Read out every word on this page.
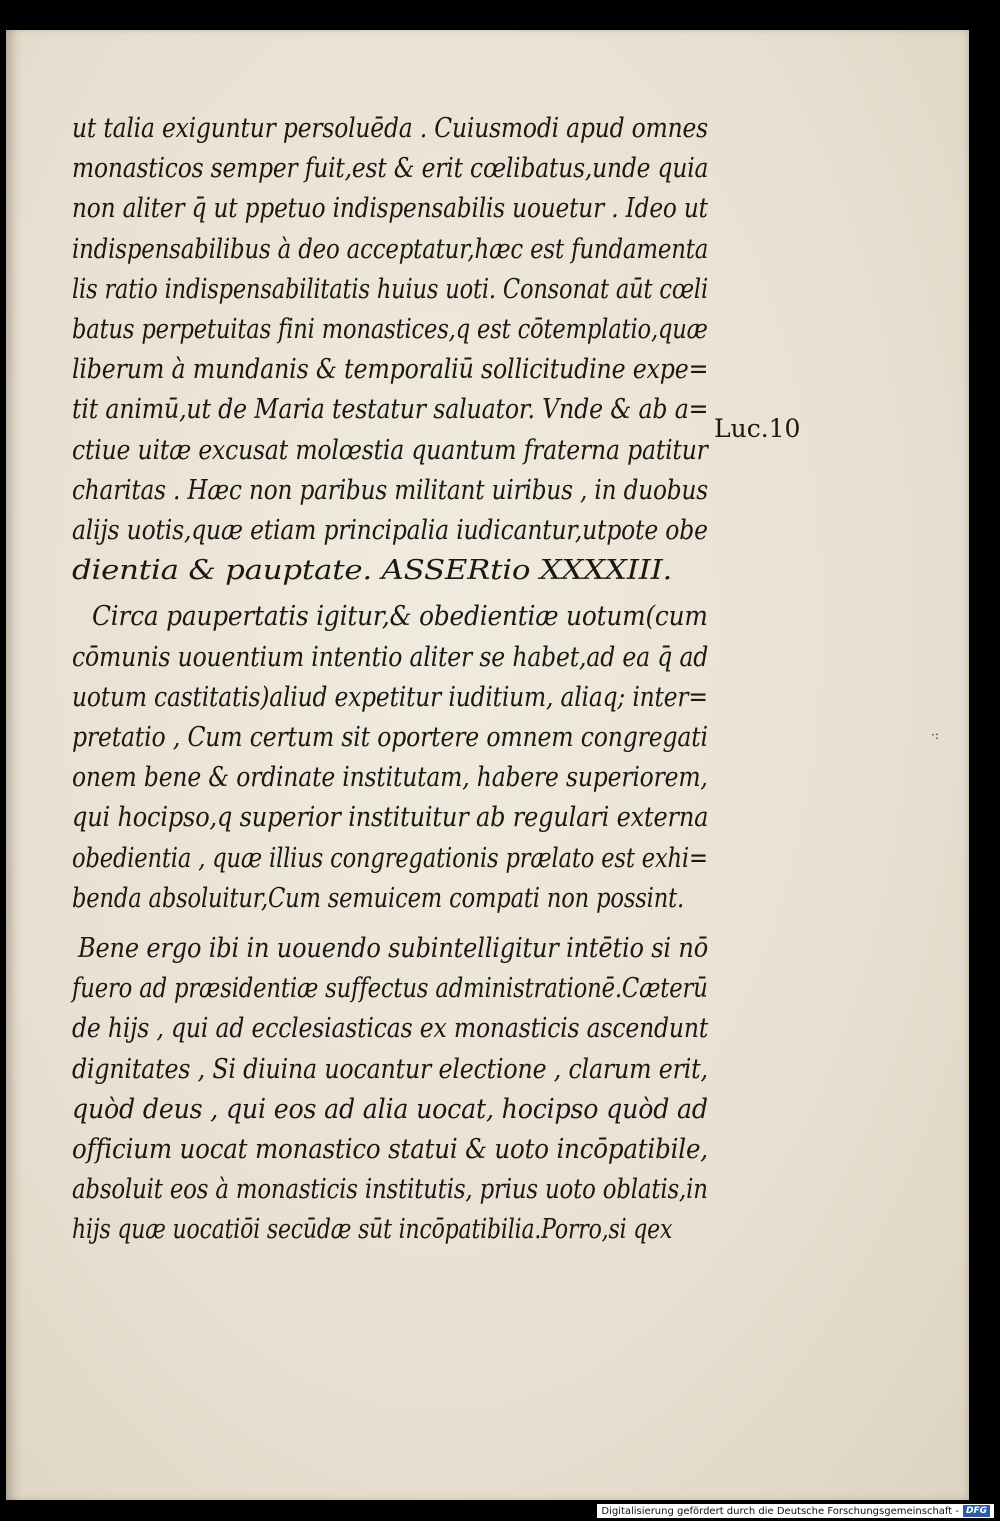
ut talia exiguntur persoluēda . Cuiusmodi apud omnes
monasticos semper fuit,est & erit cœlibatus,unde quia
non aliter q̄ ut ppetuo indispensabilis uouetur . Ideo ut
indispensabilibus à deo acceptatur,hæc est fundamenta
lis ratio indispensabilitatis huius uoti. Consonat aūt cœli
batus perpetuitas fini monastices,q est cōtemplatio,quæ
liberum à mundanis & temporaliū sollicitudine expe=
tit animū,ut de Maria testatur saluator. Vnde & ab a=
ctiue uitæ excusat molœstia quantum fraterna patitur
charitas . Hæc non paribus militant uiribus , in duobus
alijs uotis,quæ etiam principalia iudicantur,utpote obe
dientia & pauptate. ASSERtio XXXXIII.
Circa paupertatis igitur,& obedientiæ uotum(cum
cōmunis uouentium intentio aliter se habet,ad ea q̄ ad
uotum castitatis)aliud expetitur iuditium, aliaq; inter=
pretatio , Cum certum sit oportere omnem congregati
onem bene & ordinate institutam, habere superiorem,
qui hocipso,q superior instituitur ab regulari externa
obedientia , quæ illius congregationis prælato est exhi=
benda absoluitur,Cum semuicem compati non possint.
Bene ergo ibi in uouendo subintelligitur intētio si nō
fuero ad præsidentiæ suffectus administrationē.Cæterū
de hijs , qui ad ecclesiasticas ex monasticis ascendunt
dignitates , Si diuina uocantur electione , clarum erit,
quòd deus , qui eos ad alia uocat, hocipso quòd ad
officium uocat monastico statui & uoto incōpatibile,
absoluit eos à monasticis institutis, prius uoto oblatis,in
hijs quæ uocatiōi secūdæ sūt incōpatibilia.Porro,si qex
Luc.10
·:
Digitalisierung gefördert durch die Deutsche Forschungsgemeinschaft - DFG
